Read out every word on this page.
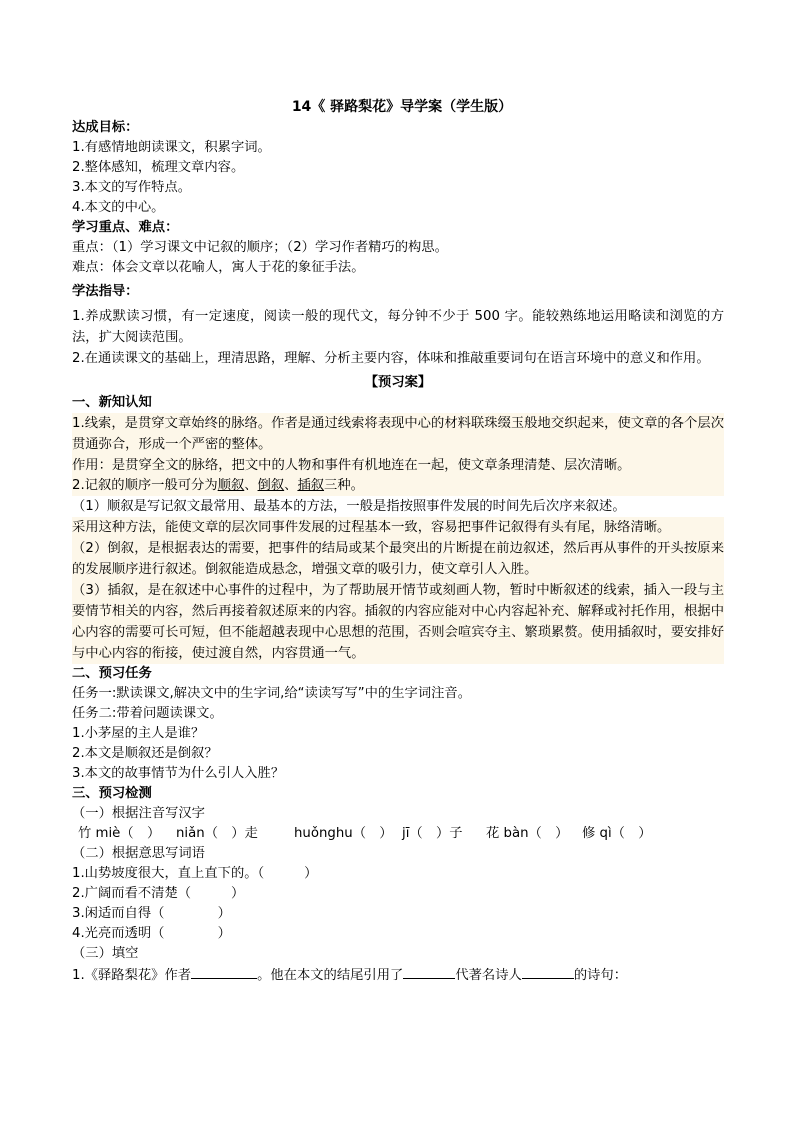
14《 驿路梨花》导学案（学生版）
达成目标：
1.有感情地朗读课文，积累字词。
2.整体感知，梳理文章内容。
3.本文的写作特点。
4.本文的中心。
学习重点、难点：
重点：（1）学习课文中记叙的顺序；（2）学习作者精巧的构思。
难点：体会文章以花喻人，寓人于花的象征手法。
学法指导：
1.养成默读习惯，有一定速度，阅读一般的现代文，每分钟不少于 500 字。能较熟练地运用略读和浏览的方法，扩大阅读范围。
2.在通读课文的基础上，理清思路，理解、分析主要内容，体味和推敲重要词句在语言环境中的意义和作用。
【预习案】
一、新知认知
1.线索，是贯穿文章始终的脉络。作者是通过线索将表现中心的材料联珠缀玉般地交织起来，使文章的各个层次贯通弥合，形成一个严密的整体。
作用：是贯穿全文的脉络，把文中的人物和事件有机地连在一起，使文章条理清楚、层次清晰。
2.记叙的顺序一般可分为顺叙、倒叙、插叙三种。
（1）顺叙是写记叙文最常用、最基本的方法，一般是指按照事件发展的时间先后次序来叙述。
采用这种方法，能使文章的层次同事件发展的过程基本一致，容易把事件记叙得有头有尾，脉络清晰。
（2）倒叙，是根据表达的需要，把事件的结局或某个最突出的片断提在前边叙述，然后再从事件的开头按原来的发展顺序进行叙述。倒叙能造成悬念，增强文章的吸引力，使文章引人入胜。
（3）插叙，是在叙述中心事件的过程中，为了帮助展开情节或刻画人物，暂时中断叙述的线索，插入一段与主要情节相关的内容，然后再接着叙述原来的内容。插叙的内容应能对中心内容起补充、解释或衬托作用，根据中心内容的需要可长可短，但不能超越表现中心思想的范围，否则会喧宾夺主、繁琐累赘。使用插叙时，要安排好与中心内容的衔接，使过渡自然，内容贯通一气。
二、预习任务
任务一:默读课文,解决文中的生字词,给“读读写写”中的生字词注音。
任务二:带着问题读课文。
1.小茅屋的主人是谁？
2.本文是顺叙还是倒叙？
3.本文的故事情节为什么引人入胜？
三、预习检测
（一）根据注音写汉字
竹 miè（　） niǎn（　）走	huǒnghu（　） jī（　）子 花 bàn（　） 修 qì（　）
（二）根据意思写词语
1.山势坡度很大，直上直下的。（　　　）
2.广阔而看不清楚（　　　）
3.闲适而自得（　　　　）
4.光亮而透明（　　　　）
（三）填空
1.《驿路梨花》作者	。他在本文的结尾引用了	代著名诗人	的诗句：
